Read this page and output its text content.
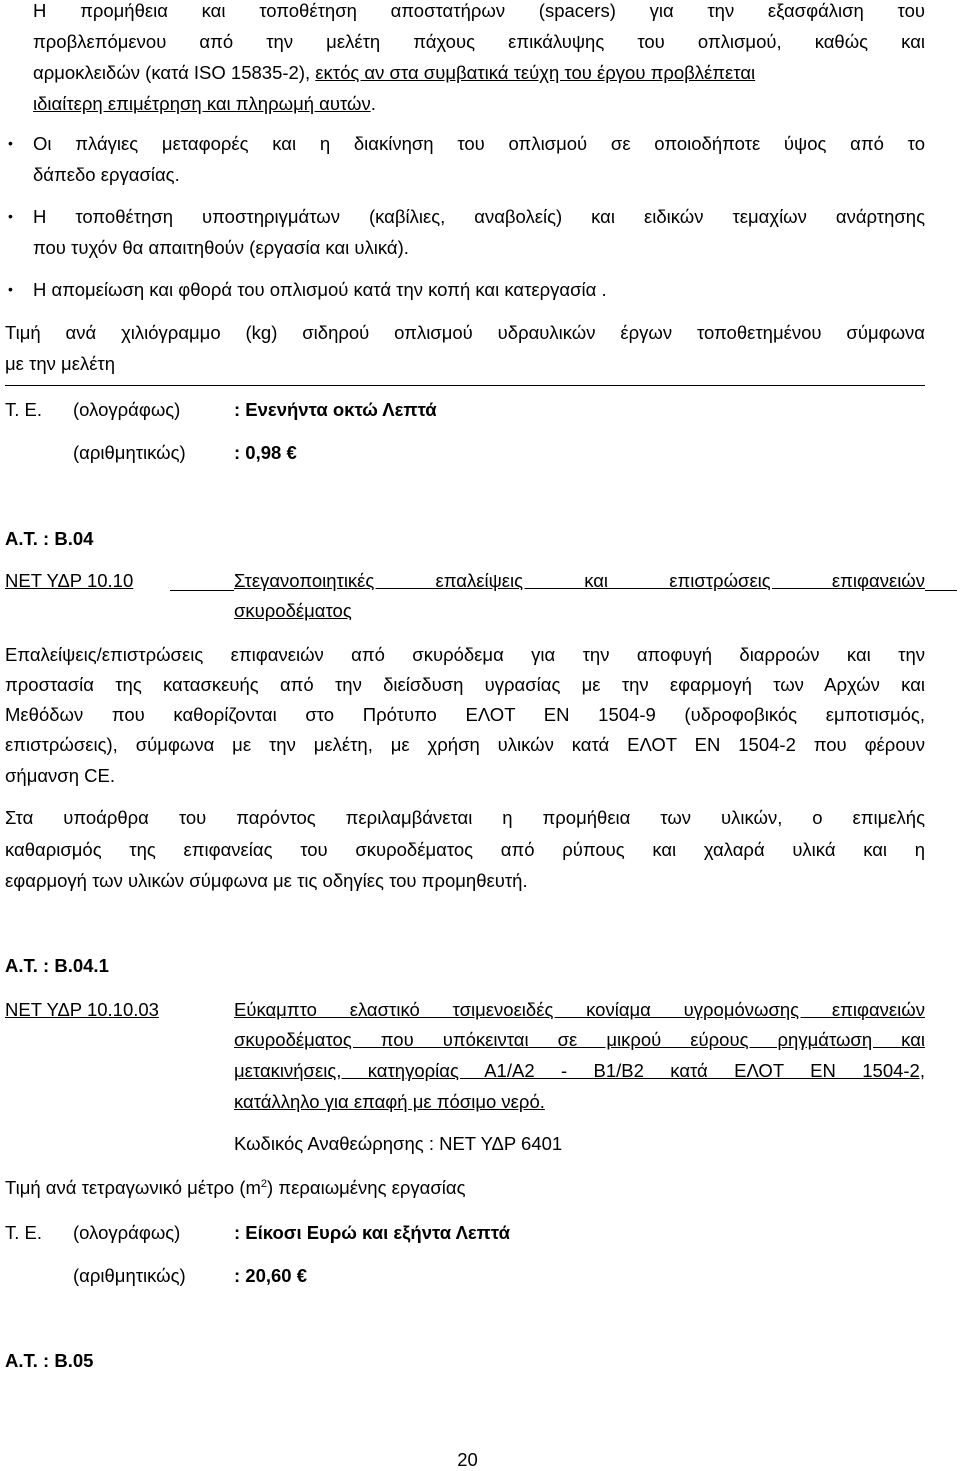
Η προμήθεια και τοποθέτηση αποστατήρων (spacers) για την εξασφάλιση του
προβλεπόμενου από την μελέτη πάχους επικάλυψης του οπλισμού, καθώς και
αρμοκλειδών (κατά ISO 15835-2), εκτός αν στα συμβατικά τεύχη του έργου προβλέπεται
ιδιαίτερη επιμέτρηση και πληρωμή αυτών.
• Οι πλάγιες μεταφορές και η διακίνηση του οπλισμού σε οποιοδήποτε ύψος από το
δάπεδο εργασίας.
• Η τοποθέτηση υποστηριγμάτων (καβίλιες, αναβολείς) και ειδικών τεμαχίων ανάρτησης
που τυχόν θα απαιτηθούν (εργασία και υλικά).
• Η απομείωση και φθορά του οπλισμού κατά την κοπή και κατεργασία .
Τιμή ανά χιλιόγραμμο (kg) σιδηρού οπλισμού υδραυλικών έργων τοποθετημένου σύμφωνα
με την μελέτη
Τ. Ε. (ολογράφως)	: Ενενήντα οκτώ Λεπτά
(αριθμητικώς)	: 0,98 €
Α.Τ. : Β.04
ΝΕΤ ΥΔΡ 10.10	Στεγανοποιητικές επαλείψεις και επιστρώσεις επιφανειών
σκυροδέματος
Επαλείψεις/επιστρώσεις επιφανειών από σκυρόδεμα για την αποφυγή διαρροών και την
προστασία της κατασκευής από την διείσδυση υγρασίας με την εφαρμογή των Αρχών και
Μεθόδων που καθορίζονται στο Πρότυπο ΕΛΟΤ ΕΝ 1504-9 (υδροφοβικός εμποτισμός,
επιστρώσεις), σύμφωνα με την μελέτη, με χρήση υλικών κατά ΕΛΟΤ ΕΝ 1504-2 που φέρουν
σήμανση CE.
Στα υποάρθρα του παρόντος περιλαμβάνεται η προμήθεια των υλικών, ο επιμελής
καθαρισμός της επιφανείας του σκυροδέματος από ρύπους και χαλαρά υλικά και η
εφαρμογή των υλικών σύμφωνα με τις οδηγίες του προμηθευτή.
Α.Τ. : Β.04.1
ΝΕΤ ΥΔΡ 10.10.03	Εύκαμπτο ελαστικό τσιμενοειδές κονίαμα υγρομόνωσης επιφανειών
σκυροδέματος που υπόκειντ​αι σε μικρού εύρους ρηγμάτωση και
μετακινήσεις, κατηγορίας Α1/Α2 - Β1/Β2 κατά ΕΛΟΤ ΕΝ 1504-2,
κατάλληλο για επαφή με πόσιμο νερό.
Κωδικός Αναθεώρησης : ΝΕΤ ΥΔΡ 6401
Τιμή ανά τετραγωνικό μέτρο $(m^2)$ περαιωμένης εργασίας
Τ. Ε. (ολογράφως)	: Είκοσι Ευρώ και εξήντα Λεπτά
(αριθμητικώς)	: 20,60 €
Α.Τ. : Β.05
20
